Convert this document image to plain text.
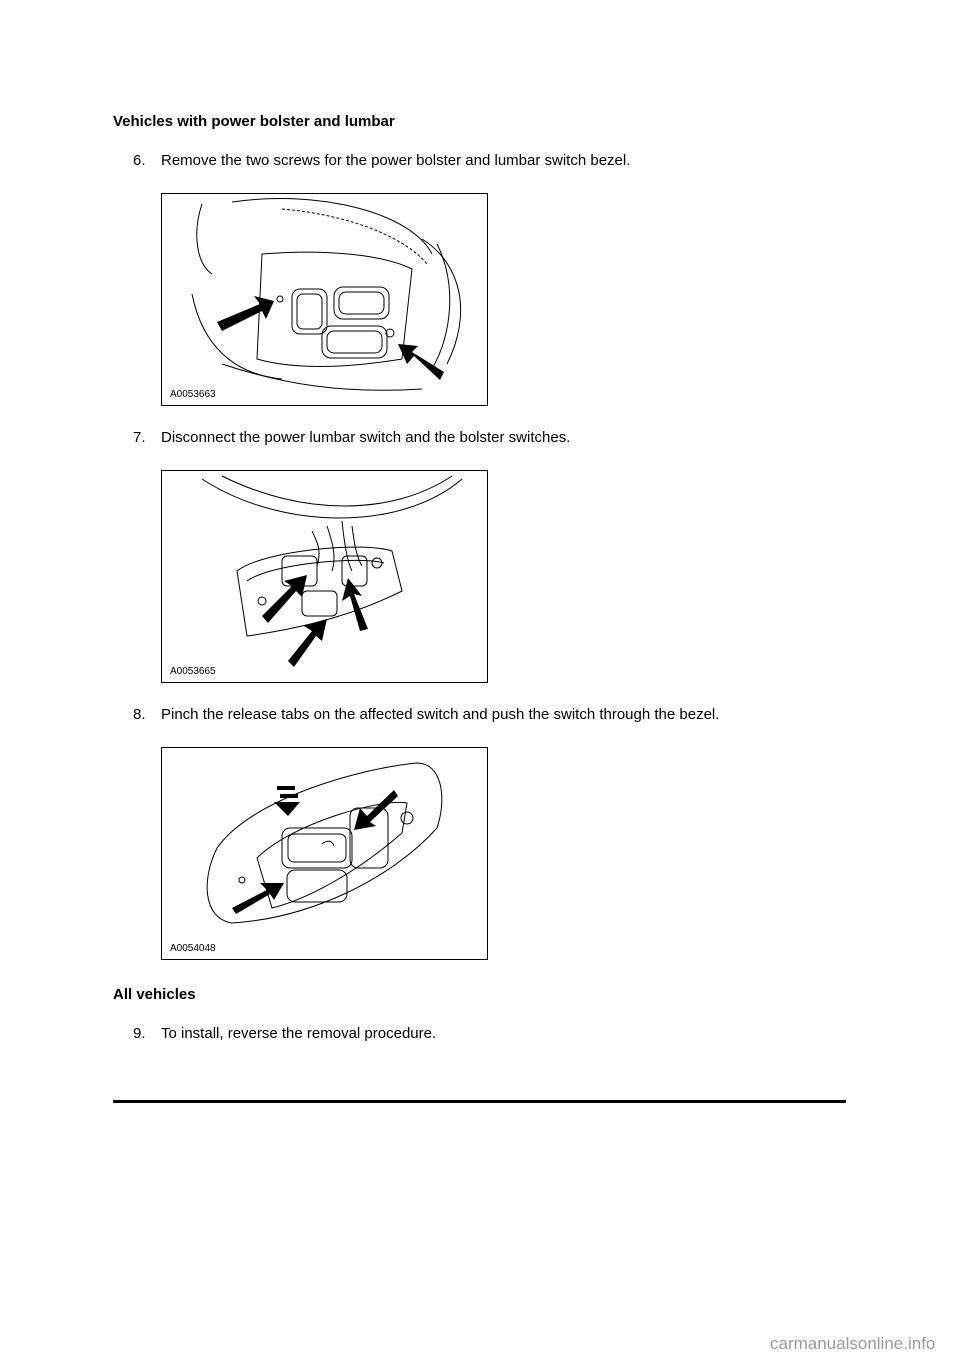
Vehicles with power bolster and lumbar
6. Remove the two screws for the power bolster and lumbar switch bezel.
A0053663
7. Disconnect the power lumbar switch and the bolster switches.
A0053665
8. Pinch the release tabs on the affected switch and push the switch through the bezel.
A0054048
All vehicles
9. To install, reverse the removal procedure.
carmanualsonline.info
